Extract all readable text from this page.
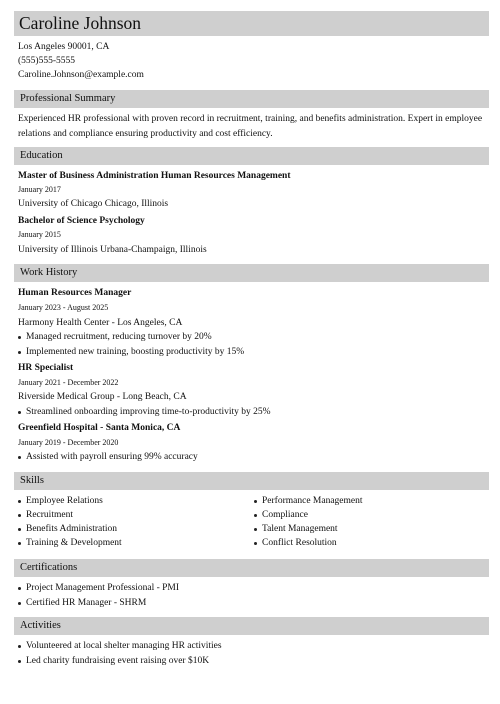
Caroline Johnson
Los Angeles 90001, CA
(555)555-5555
Caroline.Johnson@example.com
Professional Summary
Experienced HR professional with proven record in recruitment, training, and benefits administration. Expert in employee relations and compliance ensuring productivity and cost efficiency.
Education
Master of Business Administration Human Resources Management
January 2017
University of Chicago Chicago, Illinois
Bachelor of Science Psychology
January 2015
University of Illinois Urbana-Champaign, Illinois
Work History
Human Resources Manager
January 2023 - August 2025
Harmony Health Center - Los Angeles, CA
Managed recruitment, reducing turnover by 20%
Implemented new training, boosting productivity by 15%
HR Specialist
January 2021 - December 2022
Riverside Medical Group - Long Beach, CA
Streamlined onboarding improving time-to-productivity by 25%
Greenfield Hospital - Santa Monica, CA
January 2019 - December 2020
Assisted with payroll ensuring 99% accuracy
Skills
Employee Relations
Recruitment
Benefits Administration
Training & Development
Performance Management
Compliance
Talent Management
Conflict Resolution
Certifications
Project Management Professional - PMI
Certified HR Manager - SHRM
Activities
Volunteered at local shelter managing HR activities
Led charity fundraising event raising over $10K
